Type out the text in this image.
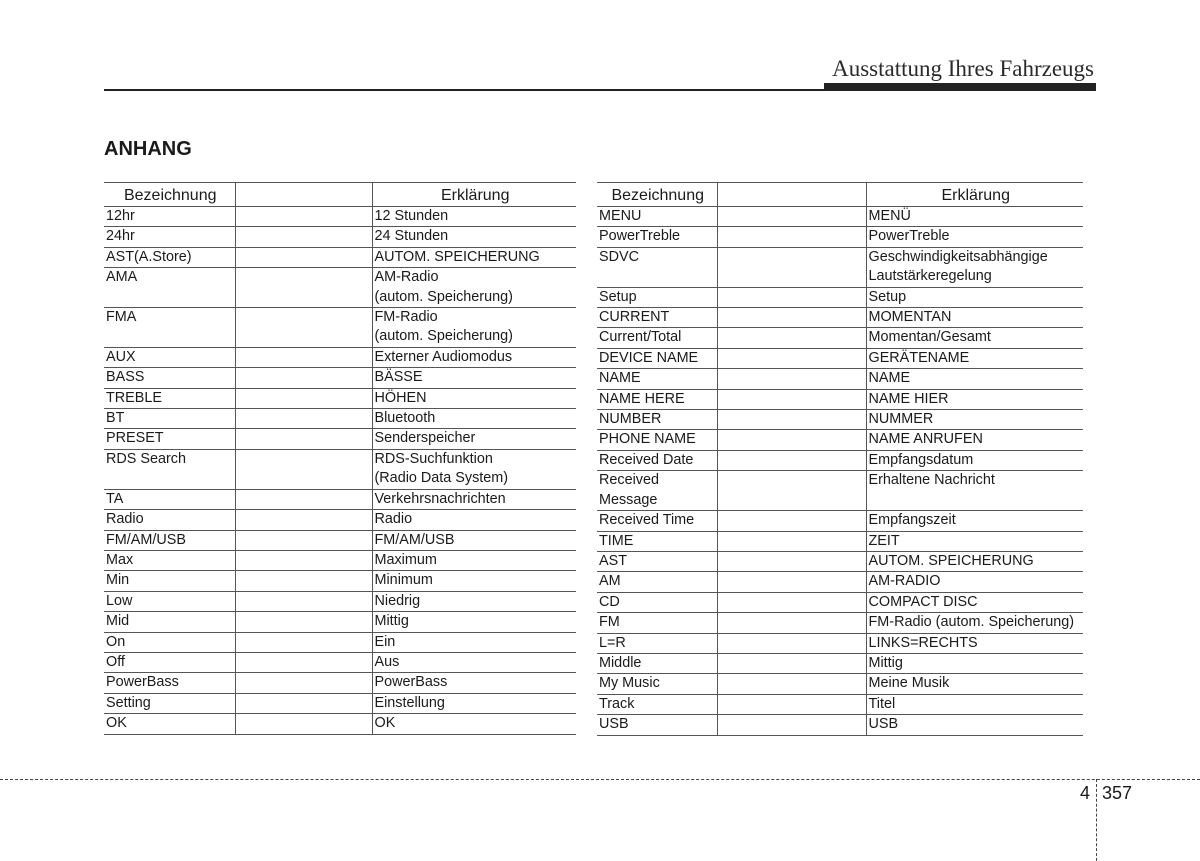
Ausstattung Ihres Fahrzeugs
ANHANG
Bezeichnung		Erklärung

12hr		12 Stunden

24hr		24 Stunden

AST(A.Store)		AUTOM. SPEICHERUNG

AMA		AM-Radio
(autom. Speicherung)

FMA		FM-Radio
(autom. Speicherung)

AUX		Externer Audiomodus

BASS		BÄSSE

TREBLE		HÖHEN

BT		Bluetooth

PRESET		Senderspeicher

RDS Search		RDS-Suchfunktion
(Radio Data System)

TA		Verkehrsnachrichten

Radio		Radio

FM/AM/USB		FM/AM/USB

Max		Maximum

Min		Minimum

Low		Niedrig

Mid		Mittig

On		Ein

Off		Aus

PowerBass		PowerBass

Setting		Einstellung

OK		OK
Bezeichnung		Erklärung

MENU		MENÜ

PowerTreble		PowerTreble

SDVC		Geschwindigkeitsabhängige
Lautstärkeregelung

Setup		Setup

CURRENT		MOMENTAN

Current/Total		Momentan/Gesamt

DEVICE NAME		GERÄTENAME

NAME		NAME

NAME HERE		NAME HIER

NUMBER		NUMMER

PHONE NAME		NAME ANRUFEN

Received Date		Empfangsdatum

Received
Message		Erhaltene Nachricht

Received Time		Empfangszeit

TIME		ZEIT

AST		AUTOM. SPEICHERUNG

AM		AM-RADIO

CD		COMPACT DISC

FM		FM-Radio (autom. Speicherung)

L=R		LINKS=RECHTS

Middle		Mittig

My Music		Meine Musik

Track		Titel

USB		USB
4 357
